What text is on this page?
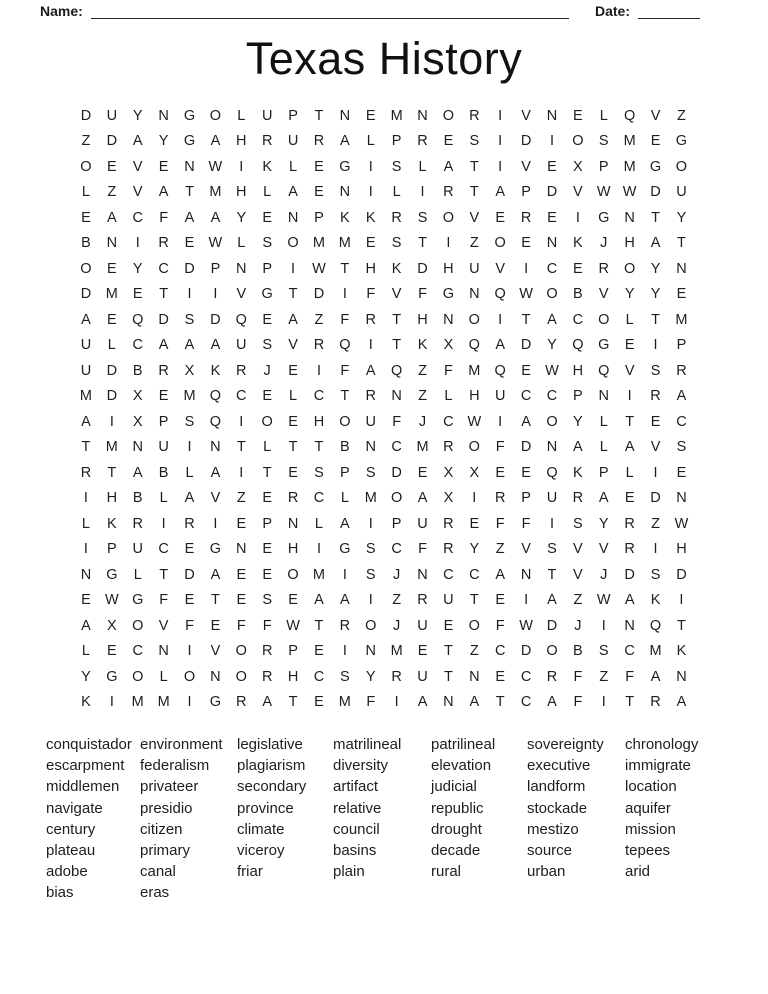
Name:	Date:
Texas History
D	U	Y	N	G	O	L	U	P	T	N	E	M	N	O	R	I	V	N	E	L	Q	V	Z
Z	D	A	Y	G	A	H	R	U	R	A	L	P	R	E	S	I	D	I	O	S	M	E	G
O	E	V	E	N W	I	K	L	E	G	I	S	L	A	T	I	V	E	X	P	M G	O
L	Z	V	A	T	M	H	L	A	E	N	I	L	I	R	T	A	P	D	V W W D	U
E	A	C	F	A	A	Y	E	N	P	K	K	R	S	O	V	E	R	E	I	G	N	T	Y
B	N	I	R	E W	L	S	O M M	E	S	T	I	Z	O	E	N	K	J	H	A	T
O	E	Y	C	D	P	N	P	I	W	T	H	K	D	H	U	V	I	C	E	R	O	Y	N
D	M	E	T	I	I	V	G	T	D	I	F	V	F	G	N	Q W O	B	V	Y	Y	E
A	E	Q	D	S	D	Q	E	A	Z	F	R	T	H	N	O	I	T	A	C	O	L	T	M
U	L	C	A	A	A	U	S	V	R	Q	I	T	K	X	Q	A	D	Y	Q	G	E	I	P
U	D	B	R	X	K	R	J	E	I	F	A	Q	Z	F	M Q	E W H	Q	V	S	R
M	D	X	E	M Q	C	E	L	C	T	R	N	Z	L	H	U	C	C	P	N	I	R	A
A	I	X	P	S	Q	I	O	E	H	O	U	F	J	C W	I	A	O	Y	L	T	E	C
T	M	N	U	I	N	T	L	T	T	B	N	C	M	R	O	F	D	N	A	L	A	V	S
R	T	A	B	L	A	I	T	E	S	P	S	D	E	X	X	E	E	Q	K	P	L	I	E
I	H	B	L	A	V	Z	E	R	C	L	M O	A	X	I	R	P	U	R	A	E	D	N
L	K	R	I	R	I	E	P	N	L	A	I	P	U	R	E	F	F	I	S	Y	R	Z	W
I	P	U	C	E	G	N	E	H	I	G	S	C	F	R	Y	Z	V	S	V	V	R	I	H
N	G	L	T	D	A	E	E	O M	I	S	J	N	C	C	A	N	T	V	J	D	S	D
E W G	F	E	T	E	S	E	A	A	I	Z	R	U	T	E	I	A	Z	W A	K	I
A	X	O	V	F	E	F	F	W	T	R	O	J	U	E	O	F	W D	J	I	N	Q	T
L	E	C	N	I	V	O	R	P	E	I	N	M	E	T	Z	C	D	O	B	S	C	M	K
Y	G	O	L	O	N	O	R	H	C	S	Y	R	U	T	N	E	C	R	F	Z	F	A	N
K	I	M M	I	G	R	A	T	E	M	F	I	A	N	A	T	C	A	F	I	T	R	A
conquistador
escarpment
middlemen
navigate
century
plateau
adobe
bias
environment
federalism
privateer
presidio
citizen
primary
canal
eras
legislative
plagiarism
secondary
province
climate
viceroy
friar
matrilineal
diversity
artifact
relative
council
basins
plain
patrilineal
elevation
judicial
republic
drought
decade
rural
sovereignty
executive
landform
stockade
mestizo
source
urban
chronology
immigrate
location
aquifer
mission
tepees
arid
